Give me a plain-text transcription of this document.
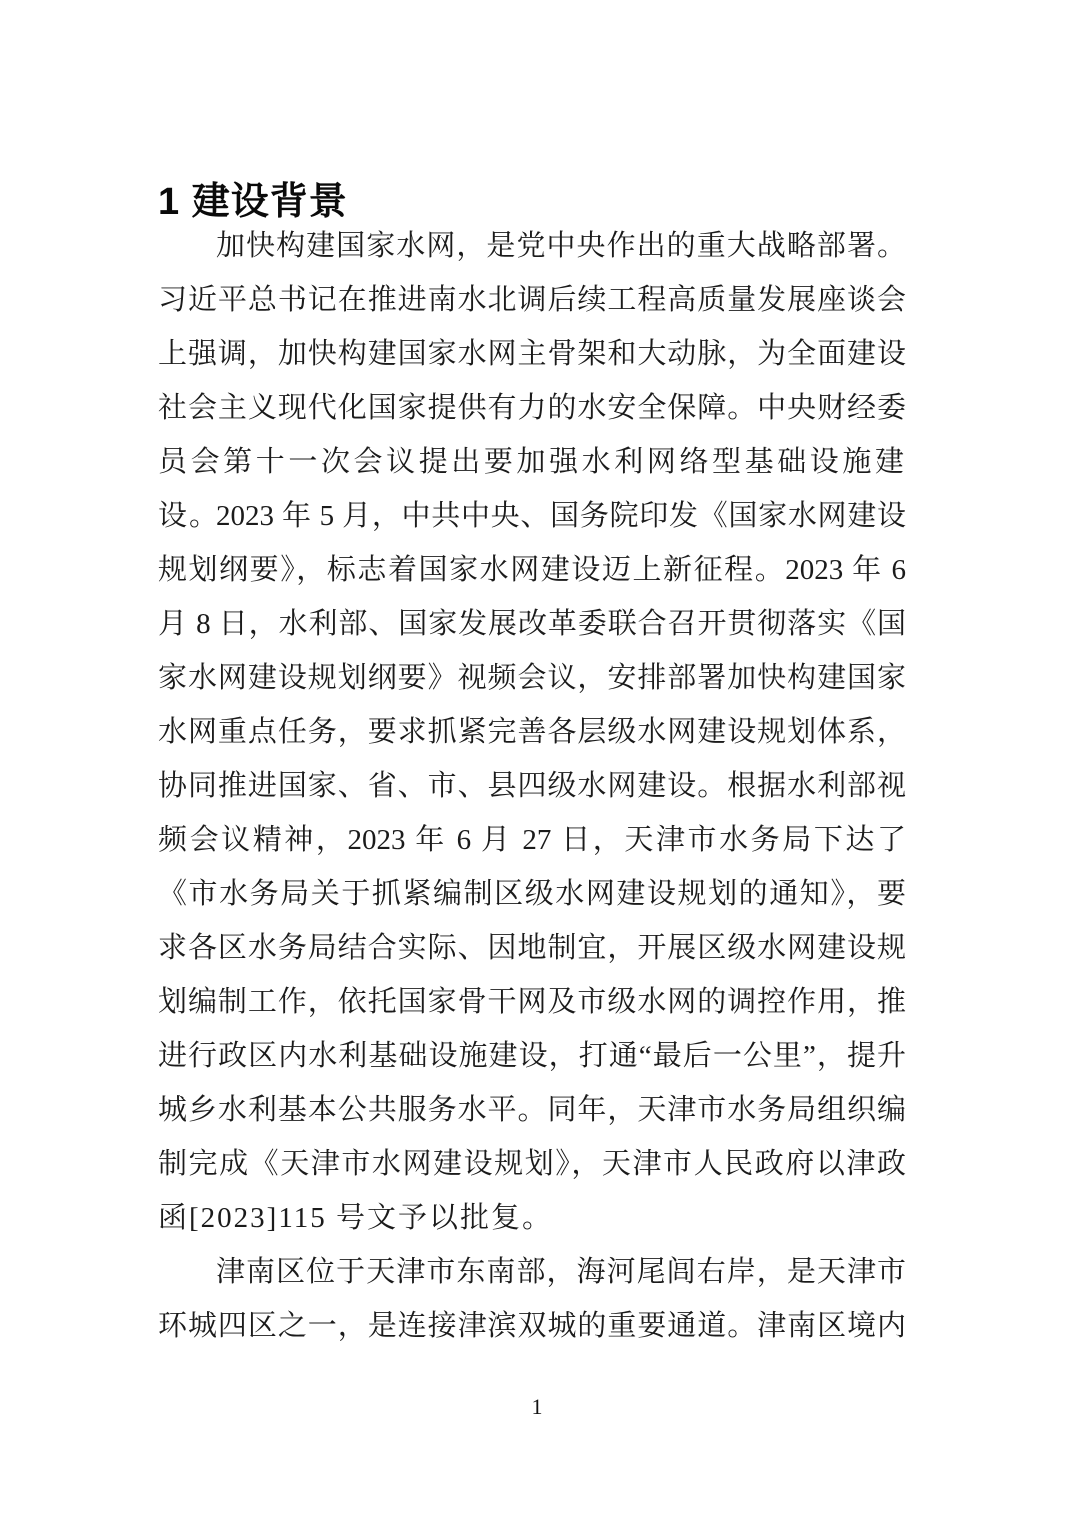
1 建设背景
加快构建国家水网，是党中央作出的重大战略部署。
习近平总书记在推进南水北调后续工程高质量发展座谈会
上强调，加快构建国家水网主骨架和大动脉，为全面建设
社会主义现代化国家提供有力的水安全保障。中央财经委
员会第十一次会议提出要加强水利网络型基础设施建设。
2023 年 5 月，中共中央、国务院印发《国家水网建设
规划纲要》，标志着国家水网建设迈上新征程。2023 年 6
月 8 日，水利部、国家发展改革委联合召开贯彻落实《国
家水网建设规划纲要》视频会议，安排部署加快构建国家
水网重点任务，要求抓紧完善各层级水网建设规划体系，
协同推进国家、省、市、县四级水网建设。根据水利部视
频会议精神，2023 年 6 月 27 日，天津市水务局下达了
《市水务局关于抓紧编制区级水网建设规划的通知》，要
求各区水务局结合实际、因地制宜，开展区级水网建设规
划编制工作，依托国家骨干网及市级水网的调控作用，推
进行政区内水利基础设施建设，打通“最后一公里”，提升
城乡水利基本公共服务水平。同年，天津市水务局组织编
制完成《天津市水网建设规划》，天津市人民政府以津政
函[2023]115 号文予以批复。
津南区位于天津市东南部，海河尾闾右岸，是天津市
环城四区之一，是连接津滨双城的重要通道。津南区境内
1
